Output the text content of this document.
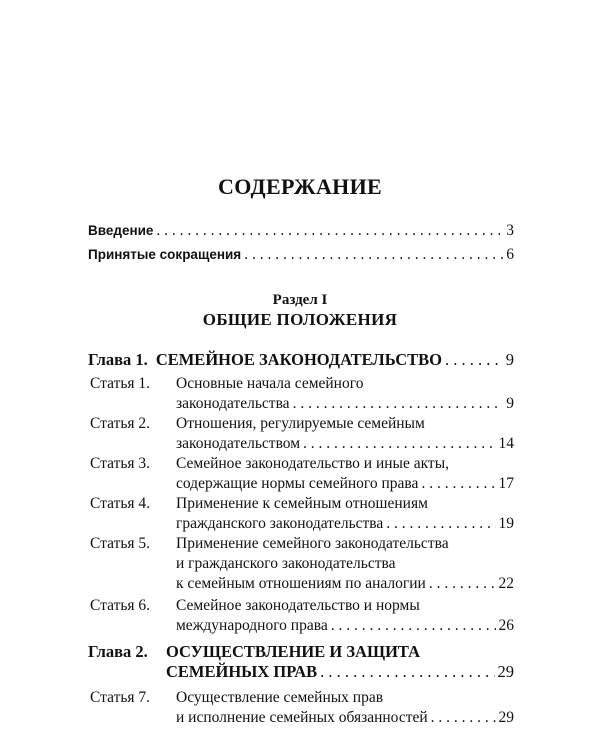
СОДЕРЖАНИЕ
Введение . . .	3
Принятые сокращения . . .	6
Раздел I
ОБЩИЕ ПОЛОЖЕНИЯ
Глава 1. СЕМЕЙНОЕ ЗАКОНОДАТЕЛЬСТВО . . .	9
Статья 1. Основные начала семейного
законодательства . . .	9
Статья 2. Отношения, регулируемые семейным
законодательством . . .	14
Статья 3. Семейное законодательство и иные акты,
содержащие нормы семейного права . . .	17
Статья 4. Применение к семейным отношениям
гражданского законодательства . . .	19
Статья 5. Применение семейного законодательства
и гражданского законодательства
к семейным отношениям по аналогии . . .	22
Статья 6. Семейное законодательство и нормы
международного права . . .	26
Глава 2. ОСУЩЕСТВЛЕНИЕ И ЗАЩИТА
СЕМЕЙНЫХ ПРАВ . . .	29
Статья 7. Осуществление семейных прав
и исполнение семейных обязанностей . . .	29
